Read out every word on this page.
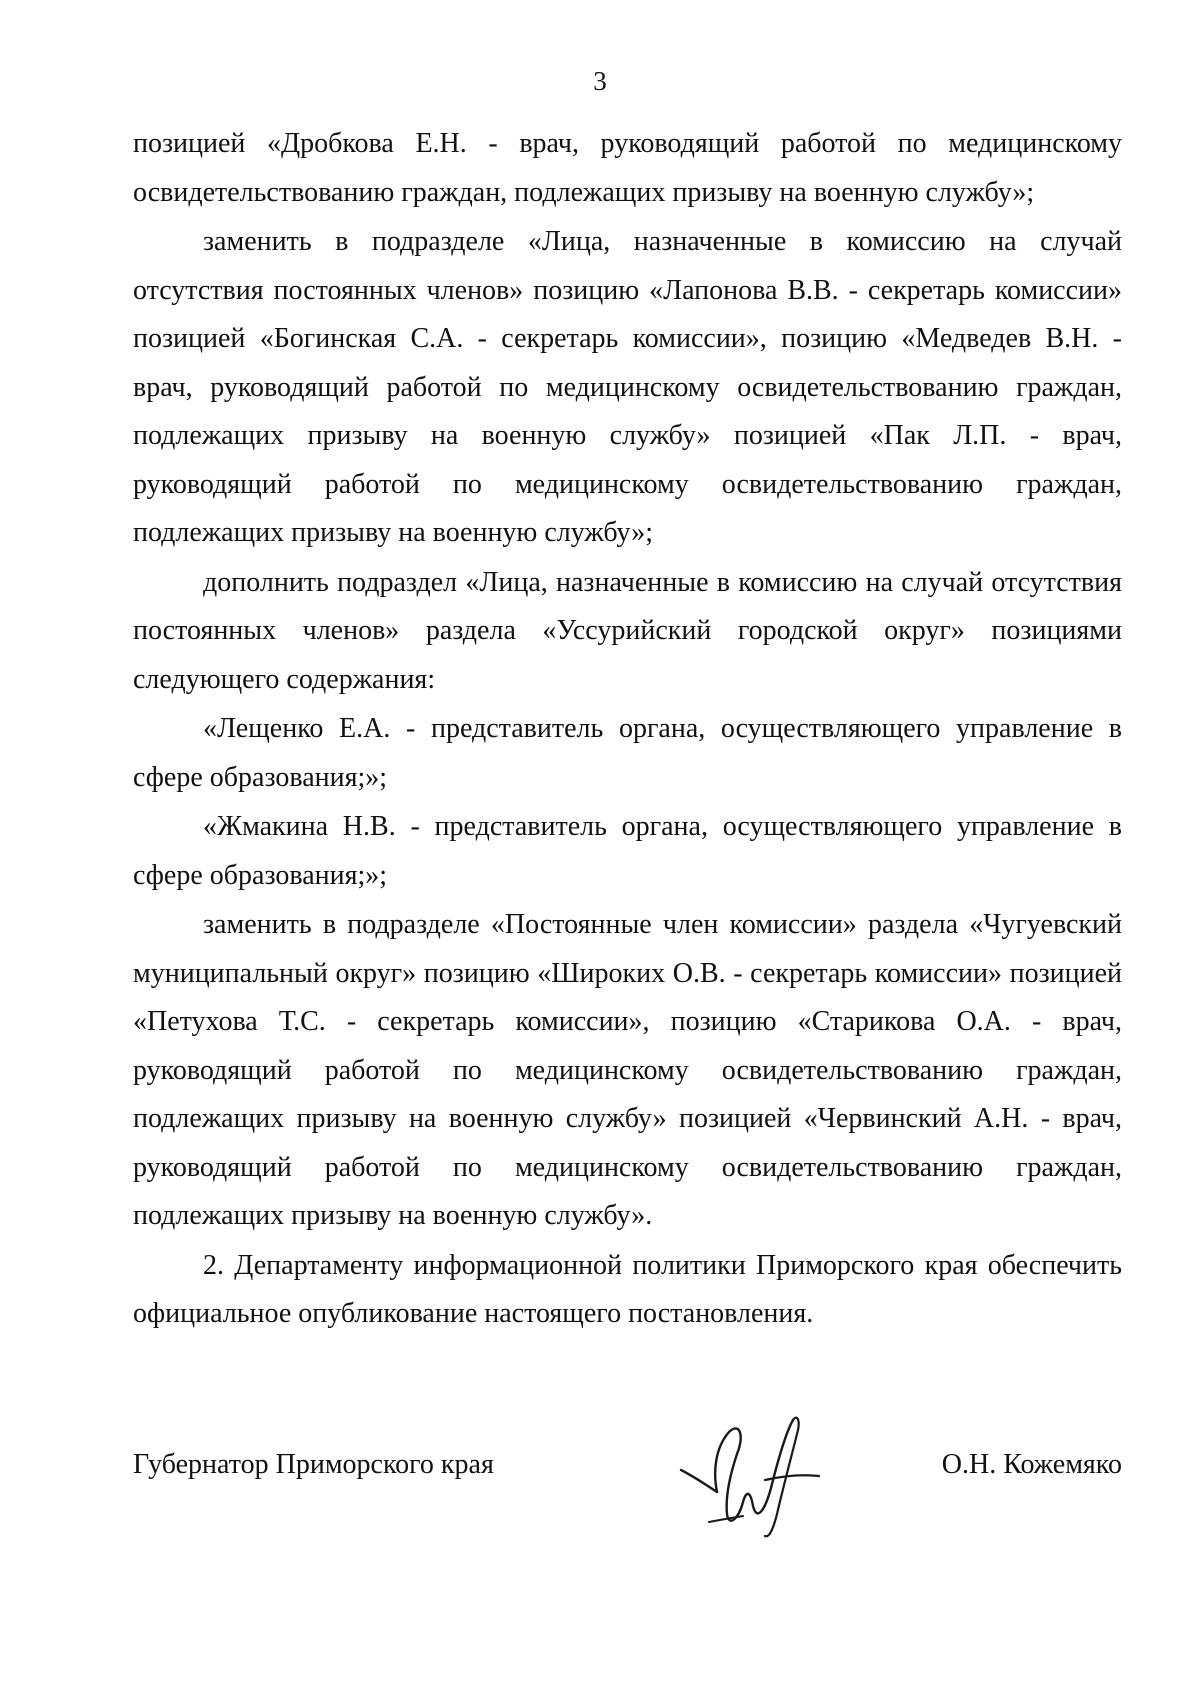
3

позицией «Дробкова Е.Н. - врач, руководящий работой по медицинскому освидетельствованию граждан, подлежащих призыву на военную службу»;

заменить в подразделе «Лица, назначенные в комиссию на случай отсутствия постоянных членов» позицию «Лапонова В.В. - секретарь комиссии» позицией «Богинская С.А. - секретарь комиссии», позицию «Медведев В.Н. - врач, руководящий работой по медицинскому освидетельствованию граждан, подлежащих призыву на военную службу» позицией «Пак Л.П. - врач, руководящий работой по медицинскому освидетельствованию граждан, подлежащих призыву на военную службу»;

дополнить подраздел «Лица, назначенные в комиссию на случай отсутствия постоянных членов» раздела «Уссурийский городской округ» позициями следующего содержания:

«Лещенко Е.А. - представитель органа, осуществляющего управление в сфере образования;»;

«Жмакина Н.В. - представитель органа, осуществляющего управление в сфере образования;»;

заменить в подразделе «Постоянные член комиссии» раздела «Чугуевский муниципальный округ» позицию «Широких О.В. - секретарь комиссии» позицией «Петухова Т.С. - секретарь комиссии», позицию «Старикова О.А. - врач, руководящий работой по медицинскому освидетельствованию граждан, подлежащих призыву на военную службу» позицией «Червинский А.Н. - врач, руководящий работой по медицинскому освидетельствованию граждан, подлежащих призыву на военную службу».

2. Департаменту информационной политики Приморского края обеспечить официальное опубликование настоящего постановления.

Губернатор Приморского края	О.Н. Кожемяко
